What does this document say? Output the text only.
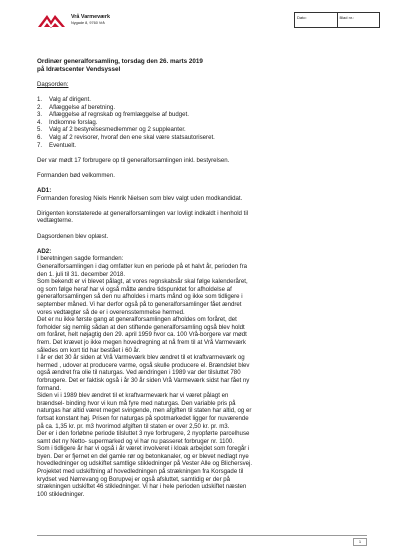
Vrå Varmeværk
Nygade 8, 9760 Vrå
Dato:	Blad nr.:

Ordinær generalforsamling, torsdag den 26. marts 2019
på Idrætscenter Vendsyssel

Dagsorden:

1. Valg af dirigent.
2. Aflæggelse af beretning.
3. Aflæggelse af regnskab og fremlæggelse af budget.
4. Indkomne forslag.
5. Valg af 2 bestyrelsesmedlemmer og 2 suppleanter.
6. Valg af 2 revisorer, hvoraf den ene skal være statsautoriseret.
7. Eventuelt.

Der var mødt 17 forbrugere op til generalforsamlingen inkl. bestyrelsen.

Formanden bød velkommen.

AD1:

Formanden foreslog Niels Henrik Nielsen som blev valgt uden modkandidat.

Dirigenten konstaterede at generalforsamlingen var lovligt indkaldt i henhold til
vedtægterne.

Dagsordenen blev oplæst.

AD2:

I beretningen sagde formanden:
Generalforsamlingen i dag omfatter kun en periode på et halvt år, perioden fra
den 1. juli til 31. december 2018.
Som bekendt er vi blevet pålagt, at vores regnskabsår skal følge kalenderåret,
og som følge heraf har vi også måtte ændre tidspunktet for afholdelse af
generalforsamlingen så den nu afholdes i marts månd og ikke som tidligere i
september måned. Vi har derfor også på to generalforsamlinger fået ændret
vores vedtægter så de er i overensstemmelse hermed.
Det er nu ikke første gang at generalforsamlingen afholdes om foråret, det
forholder sig nemlig sådan at den stiftende generalforsamling også blev holdt
om foråret, helt nøjagtig den 29. april 1959 hvor ca. 100 Vrå-borgere var mødt
frem. Det krævet jo ikke megen hovedregning at nå frem til at Vrå Varmeværk
således om kort tid har bestået i 60 år.
I år er det 30 år siden at Vrå Varmeværk blev ændret til et kraftvarmeværk og
hermed , udover at producere varme, også skulle producere el. Brændslet blev
også ændret fra olie til naturgas. Ved ændringen i 1989 var der tilsluttet 780
forbrugere. Det er faktisk også i år 30 år siden Vrå Varmeværk sidst har fået ny
formand.
Siden vi i 1989 blev ændret til et kraftvarmeværk har vi været pålagt en
brændsel- binding hvor vi kun må fyre med naturgas. Den variable pris på
naturgas har altid været meget svingende, men afgiften til staten har altid, og er
fortsat konstant høj. Prisen for naturgas på spotmarkedet ligger for nuværende
på ca. 1,35 kr. pr. m3 hvorimod afgiften til staten er over 2,50 kr. pr. m3.
Der er i den forløbne periode tilsluttet 3 nye forbrugere, 2 nyopførte parcelhuse
samt det ny Netto- supermarked og vi har nu passeret forbruger nr. 1100.
Som i tidligere år har vi også i år været involveret i kloak arbejdet som foregår i
byen. Der er fjernet en del gamle rør og betonkanaler, og er blevet nedlagt nye
hovedledninger og udskiftet samtlige stikledninger på Vester Alle og Blichersvej.
Projektet med udskiftning af hovedledningen på strækningen fra Korsgade til
krydset ved Nørrevang og Borupvej er også afsluttet, samtidig er der på
strækningen udskiftet 46 stikledninger. Vi har i hele perioden udskiftet næsten
100 stikledninger.

1
